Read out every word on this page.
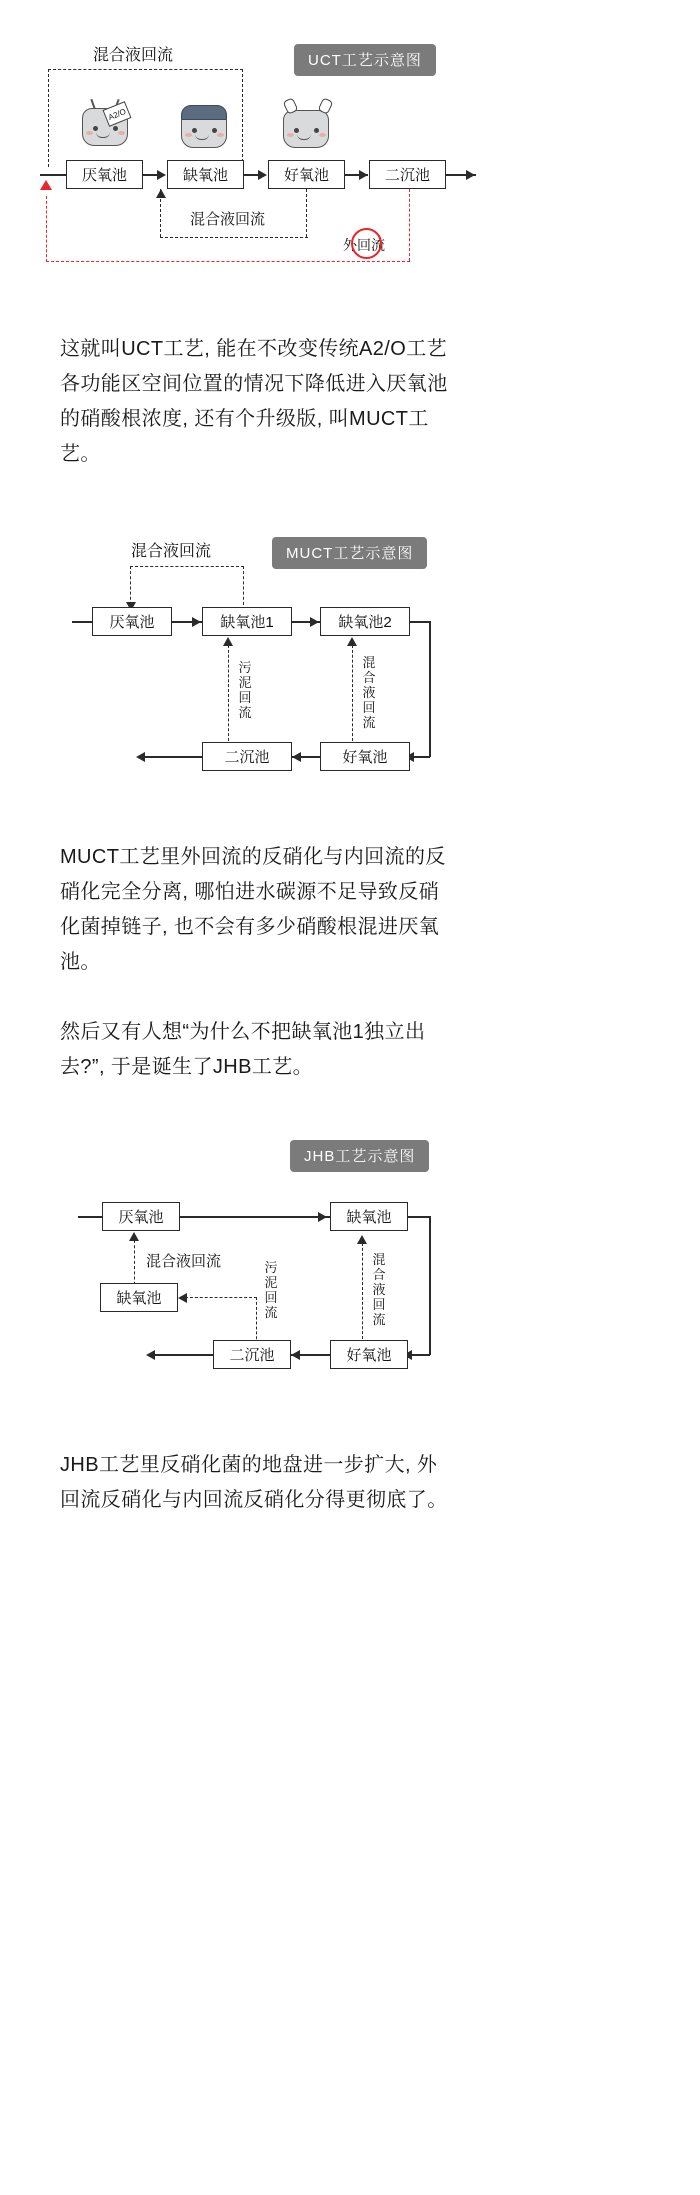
UCT工艺示意图
混合液回流
A2/O
厌氧池	缺氧池	好氧池	二沉池
混合液回流
外回流
这就叫UCT工艺, 能在不改变传统A2/O工艺各功能区空间位置的情况下降低进入厌氧池的硝酸根浓度, 还有个升级版, 叫MUCT工艺。
MUCT工艺示意图
混合液回流
厌氧池	缺氧池1	缺氧池2
二沉池	好氧池
污泥回流
混合液回流
MUCT工艺里外回流的反硝化与内回流的反硝化完全分离, 哪怕进水碳源不足导致反硝化菌掉链子, 也不会有多少硝酸根混进厌氧池。
然后又有人想“为什么不把缺氧池1独立出去?”, 于是诞生了JHB工艺。
JHB工艺示意图
厌氧池	缺氧池
混合液回流
缺氧池
污泥回流
二沉池	好氧池
混合液回流
JHB工艺里反硝化菌的地盘进一步扩大, 外回流反硝化与内回流反硝化分得更彻底了。
